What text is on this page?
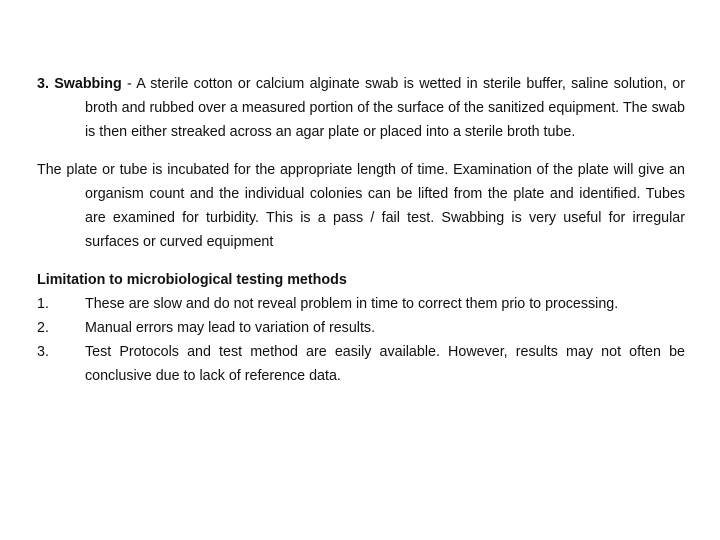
3. Swabbing - A sterile cotton or calcium alginate swab is wetted in sterile buffer, saline solution, or broth and rubbed over a measured portion of the surface of the sanitized equipment. The swab is then either streaked across an agar plate or placed into a sterile broth tube.

The plate or tube is incubated for the appropriate length of time. Examination of the plate will give an organism count and the individual colonies can be lifted from the plate and identified. Tubes are examined for turbidity. This is a pass / fail test. Swabbing is very useful for irregular surfaces or curved equipment

Limitation to microbiological testing methods
1.	These are slow and do not reveal problem in time to correct them prio to processing.
2.	Manual errors may lead to variation of results.
3.	Test Protocols and test method are easily available. However, results may not often be conclusive due to lack of reference data.
